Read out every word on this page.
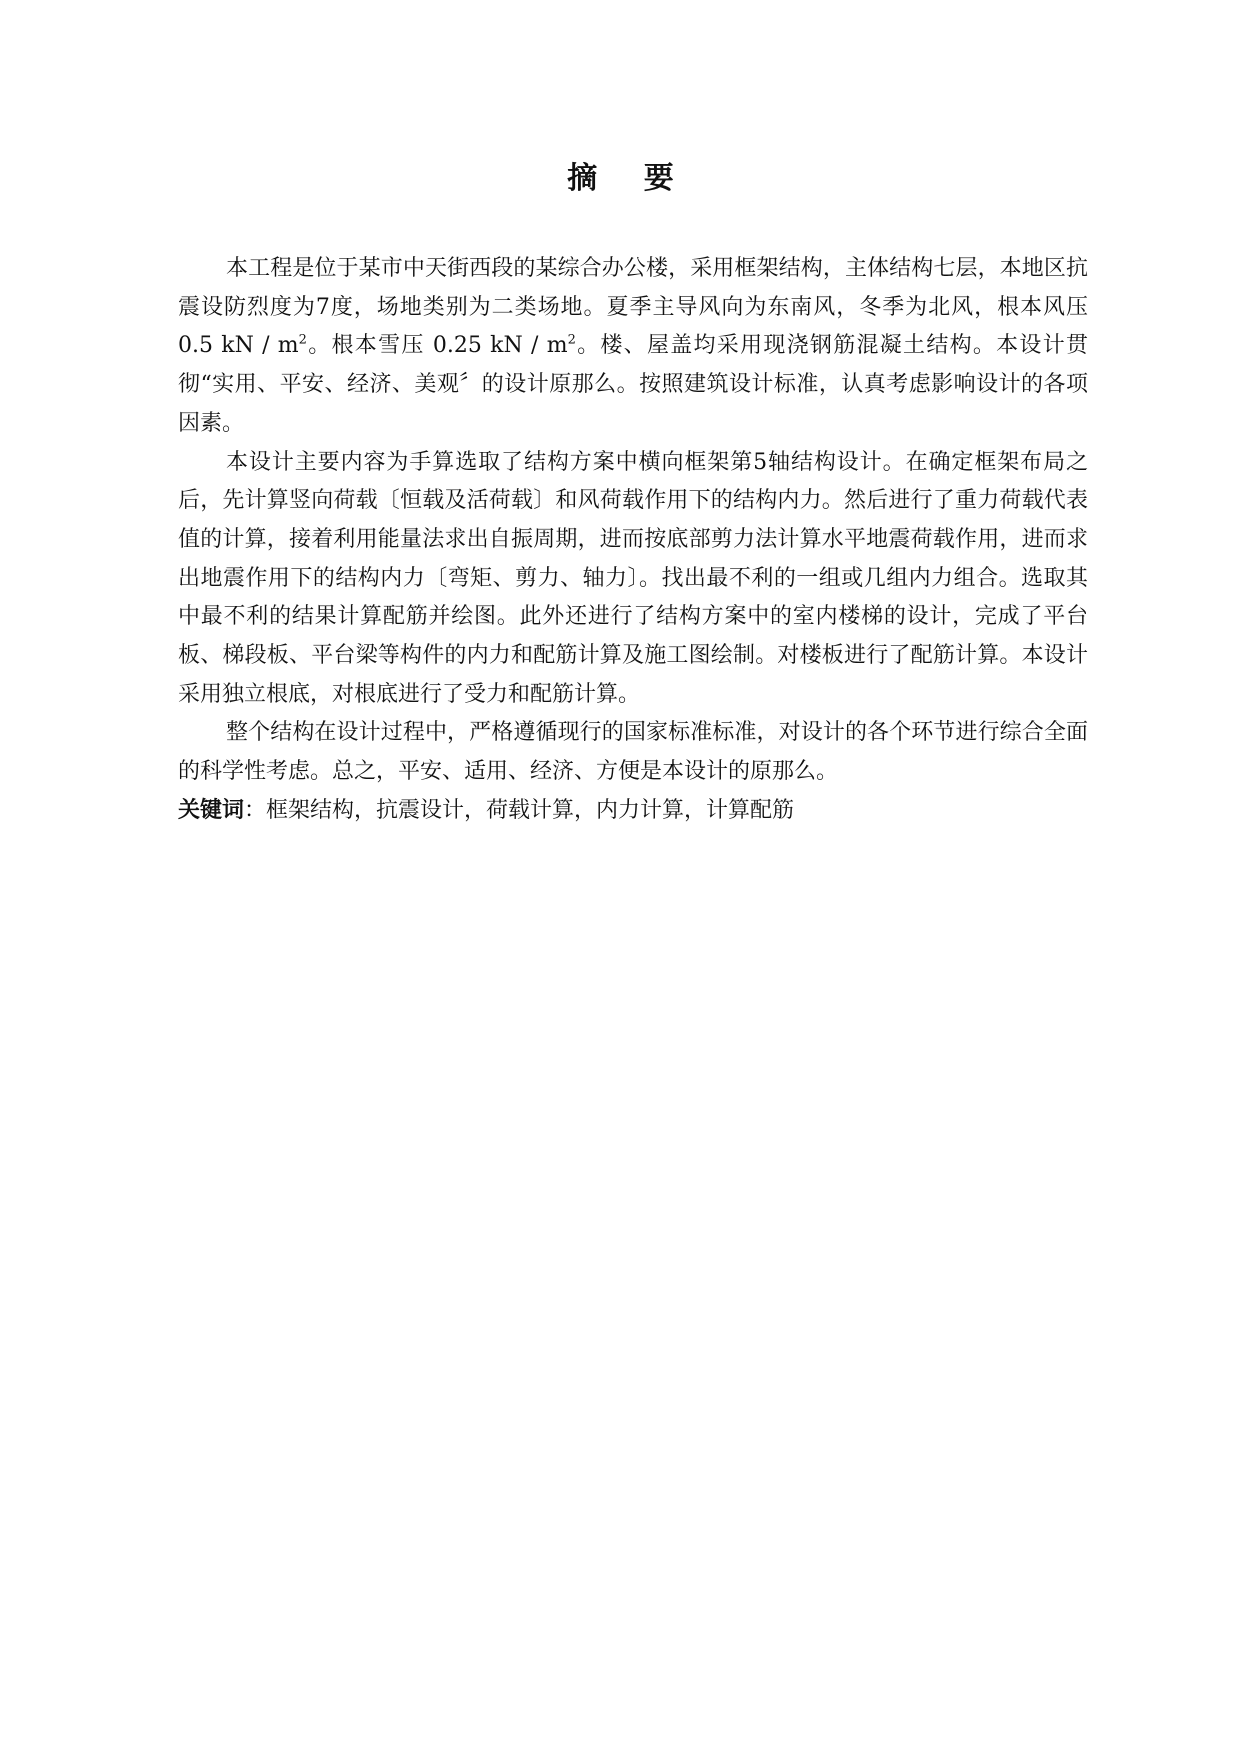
摘 要

本工程是位于某市中天街西段的某综合办公楼，采用框架结构，主体结构七层，本地区抗震设防烈度为7度，场地类别为二类场地。夏季主导风向为东南风，冬季为北风，根本风压 0.5 kN / $m^2$。根本雪压 0.25 kN / $m^2$。楼、屋盖均采用现浇钢筋混凝土结构。本设计贯彻“实用、平安、经济、美观〞的设计原那么。按照建筑设计标准，认真考虑影响设计的各项因素。

本设计主要内容为手算选取了结构方案中横向框架第5轴结构设计。在确定框架布局之后，先计算竖向荷载〔恒载及活荷载〕和风荷载作用下的结构内力。然后进行了重力荷载代表值的计算，接着利用能量法求出自振周期，进而按底部剪力法计算水平地震荷载作用，进而求出地震作用下的结构内力〔弯矩、剪力、轴力〕。找出最不利的一组或几组内力组合。选取其中最不利的结果计算配筋并绘图。此外还进行了结构方案中的室内楼梯的设计，完成了平台板、梯段板、平台梁等构件的内力和配筋计算及施工图绘制。对楼板进行了配筋计算。本设计采用独立根底，对根底进行了受力和配筋计算。

整个结构在设计过程中，严格遵循现行的国家标准标准，对设计的各个环节进行综合全面的科学性考虑。总之，平安、适用、经济、方便是本设计的原那么。

关键词：框架结构，抗震设计，荷载计算，内力计算，计算配筋
